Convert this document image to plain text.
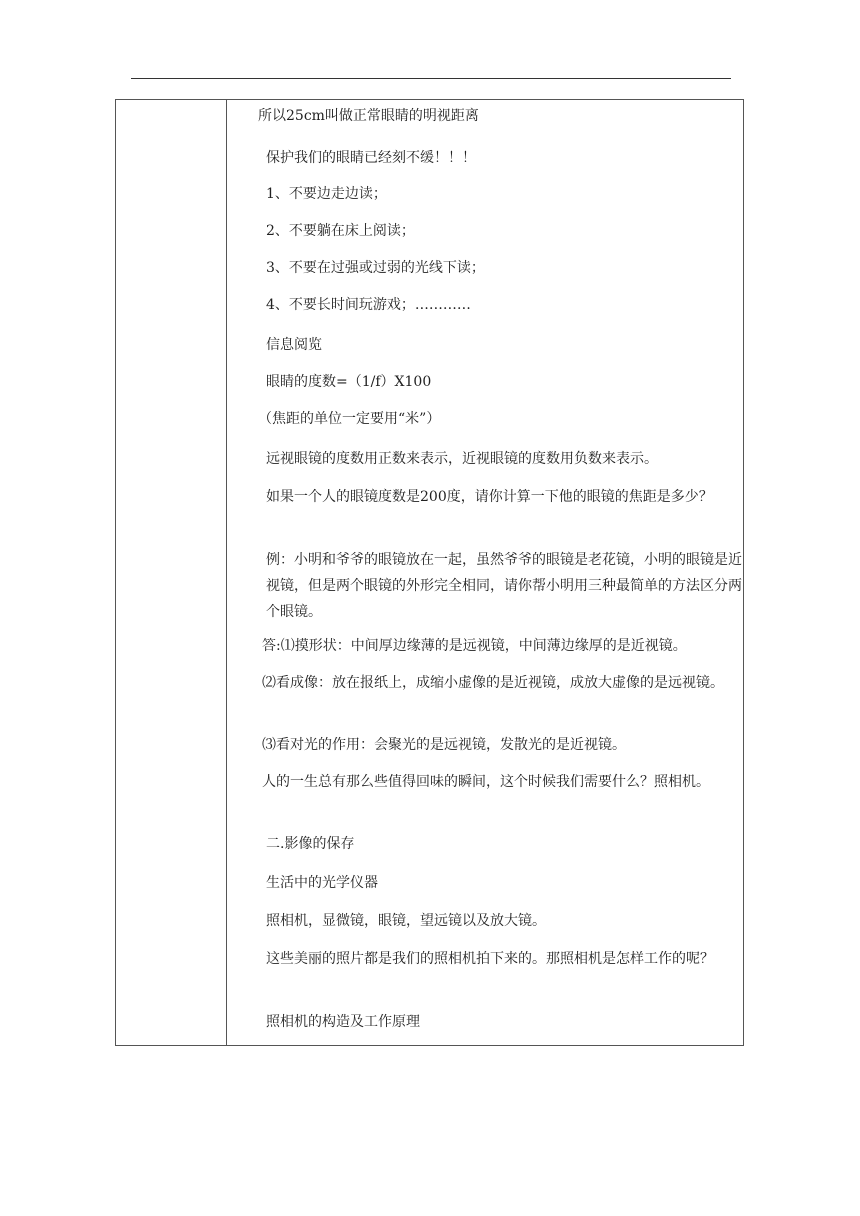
所以25cm叫做正常眼睛的明视距离
保护我们的眼睛已经刻不缓！！！
1、不要边走边读；
2、不要躺在床上阅读；
3、不要在过强或过弱的光线下读；
4、不要长时间玩游戏；…………
信息阅览
眼睛的度数=（1/f）X100
（焦距的单位一定要用“米”）
远视眼镜的度数用正数来表示，近视眼镜的度数用负数来表示。
如果一个人的眼镜度数是200度，请你计算一下他的眼镜的焦距是多少？
例：小明和爷爷的眼镜放在一起，虽然爷爷的眼镜是老花镜，小明的眼镜是近视镜，但是两个眼镜的外形完全相同，请你帮小明用三种最简单的方法区分两个眼镜。
答:⑴摸形状：中间厚边缘薄的是远视镜，中间薄边缘厚的是近视镜。
⑵看成像：放在报纸上，成缩小虚像的是近视镜，成放大虚像的是远视镜。
⑶看对光的作用：会聚光的是远视镜，发散光的是近视镜。
人的一生总有那么些值得回味的瞬间，这个时候我们需要什么？照相机。
二.影像的保存
生活中的光学仪器
照相机，显微镜，眼镜，望远镜以及放大镜。
这些美丽的照片都是我们的照相机拍下来的。那照相机是怎样工作的呢？
照相机的构造及工作原理
